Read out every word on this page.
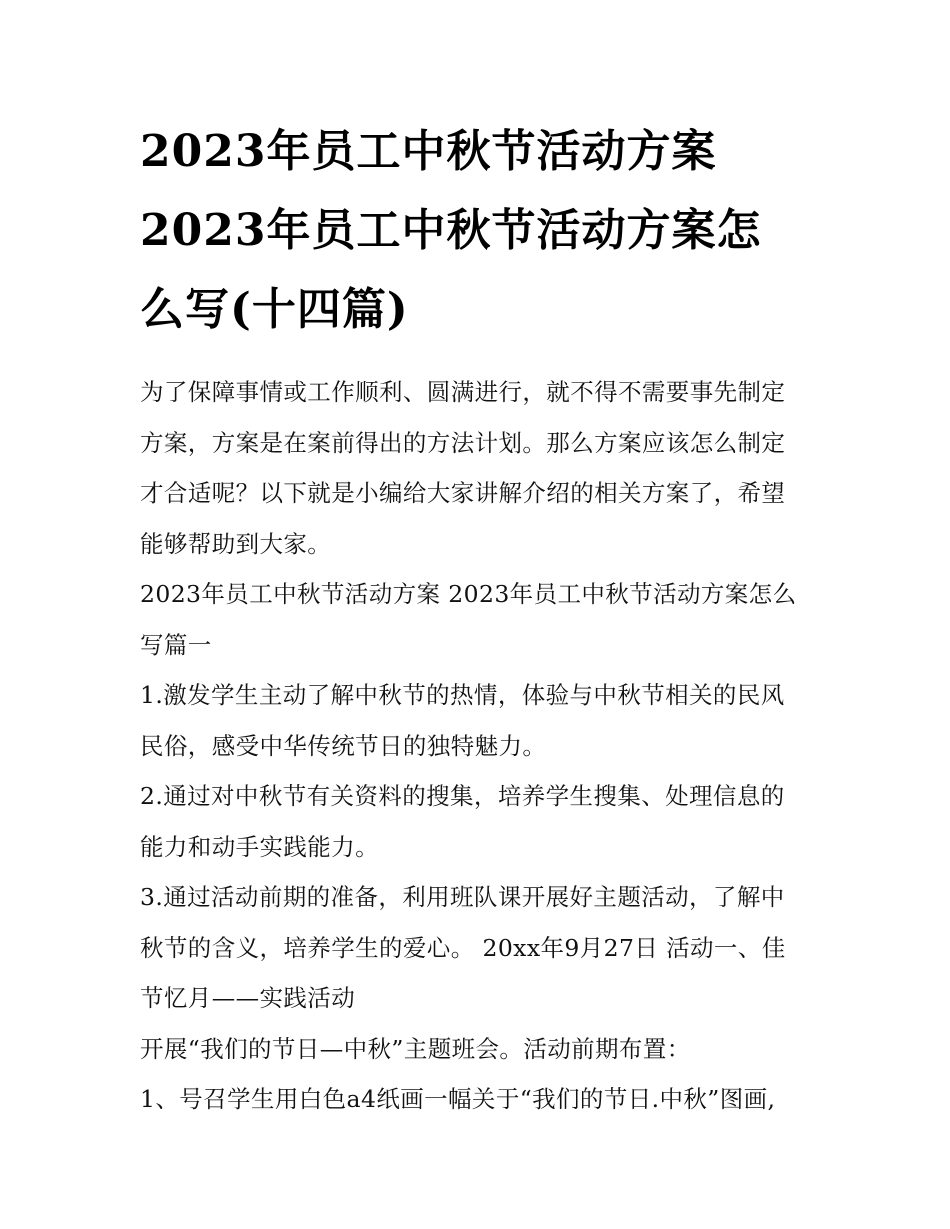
2023年员工中秋节活动方案
2023年员工中秋节活动方案怎
么写(十四篇)

为了保障事情或工作顺利、圆满进行，就不得不需要事先制定
方案，方案是在案前得出的方法计划。那么方案应该怎么制定
才合适呢？以下就是小编给大家讲解介绍的相关方案了，希望
能够帮助到大家。

2023年员工中秋节活动方案 2023年员工中秋节活动方案怎么
写篇一

1.激发学生主动了解中秋节的热情，体验与中秋节相关的民风
民俗，感受中华传统节日的独特魅力。

2.通过对中秋节有关资料的搜集，培养学生搜集、处理信息的
能力和动手实践能力。

3.通过活动前期的准备，利用班队课开展好主题活动，了解中
秋节的含义，培养学生的爱心。 20xx年9月27日 活动一、佳
节忆月——实践活动

开展“我们的节日—中秋”主题班会。活动前期布置：

1、号召学生用白色a4纸画一幅关于“我们的节日.中秋”图画,
